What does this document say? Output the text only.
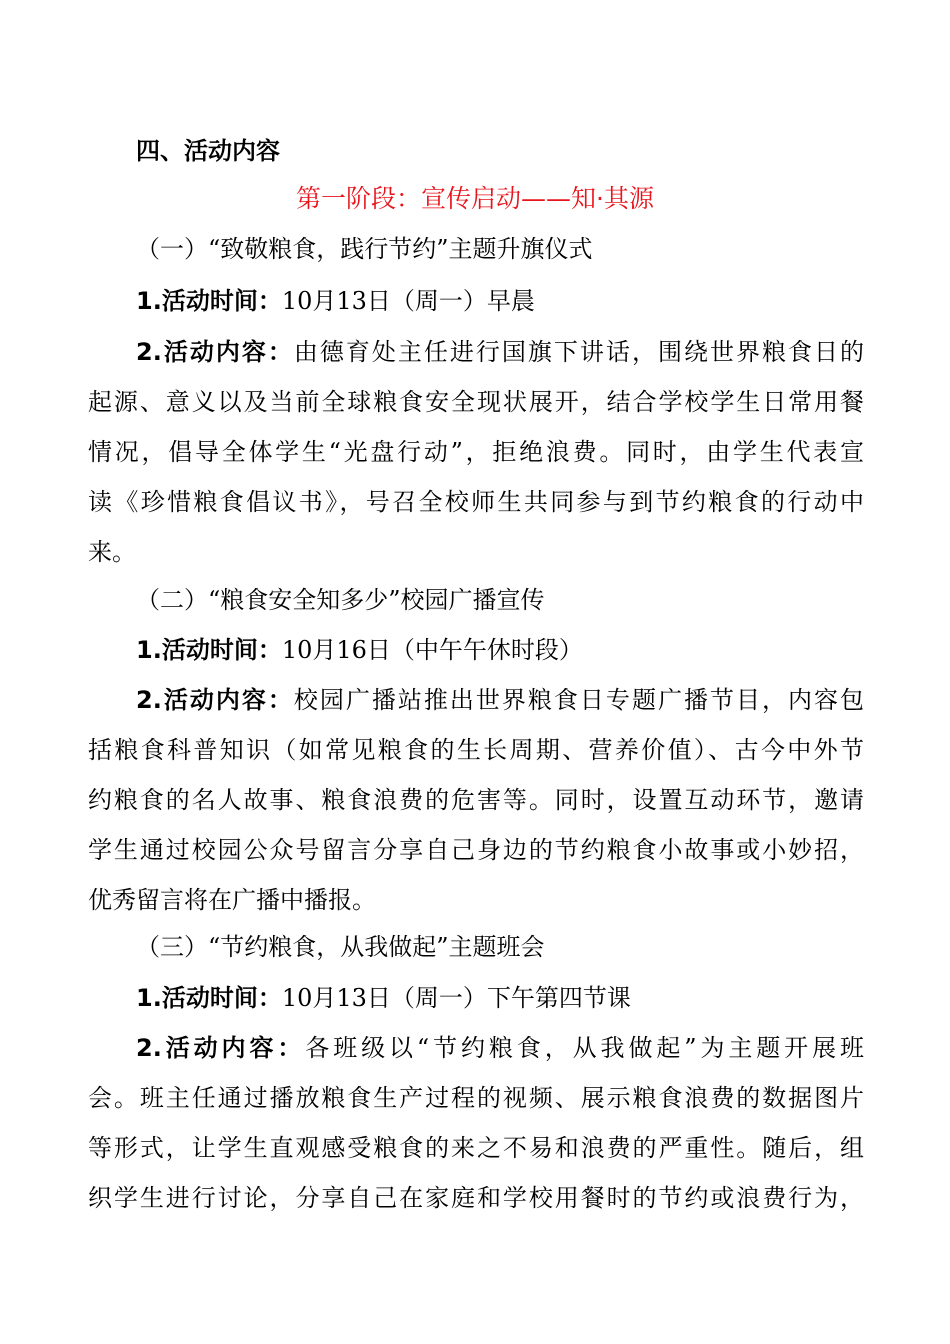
四、活动内容
第一阶段：宣传启动——知·其源
（一）“致敬粮食，践行节约”主题升旗仪式
1.活动时间：10月13日（周一）早晨
2.活动内容：由德育处主任进行国旗下讲话，围绕世界粮食日的
起源、意义以及当前全球粮食安全现状展开，结合学校学生日常用餐
情况，倡导全体学生“光盘行动”，拒绝浪费。同时，由学生代表宣
读《珍惜粮食倡议书》，号召全校师生共同参与到节约粮食的行动中
来。
（二）“粮食安全知多少”校园广播宣传
1.活动时间：10月16日（中午午休时段）
2.活动内容：校园广播站推出世界粮食日专题广播节目，内容包
括粮食科普知识（如常见粮食的生长周期、营养价值）、古今中外节
约粮食的名人故事、粮食浪费的危害等。同时，设置互动环节，邀请
学生通过校园公众号留言分享自己身边的节约粮食小故事或小妙招，
优秀留言将在广播中播报。
（三）“节约粮食，从我做起”主题班会
1.活动时间：10月13日（周一）下午第四节课
2.活动内容：各班级以“节约粮食，从我做起”为主题开展班
会。班主任通过播放粮食生产过程的视频、展示粮食浪费的数据图片
等形式，让学生直观感受粮食的来之不易和浪费的严重性。随后，组
织学生进行讨论，分享自己在家庭和学校用餐时的节约或浪费行为，
